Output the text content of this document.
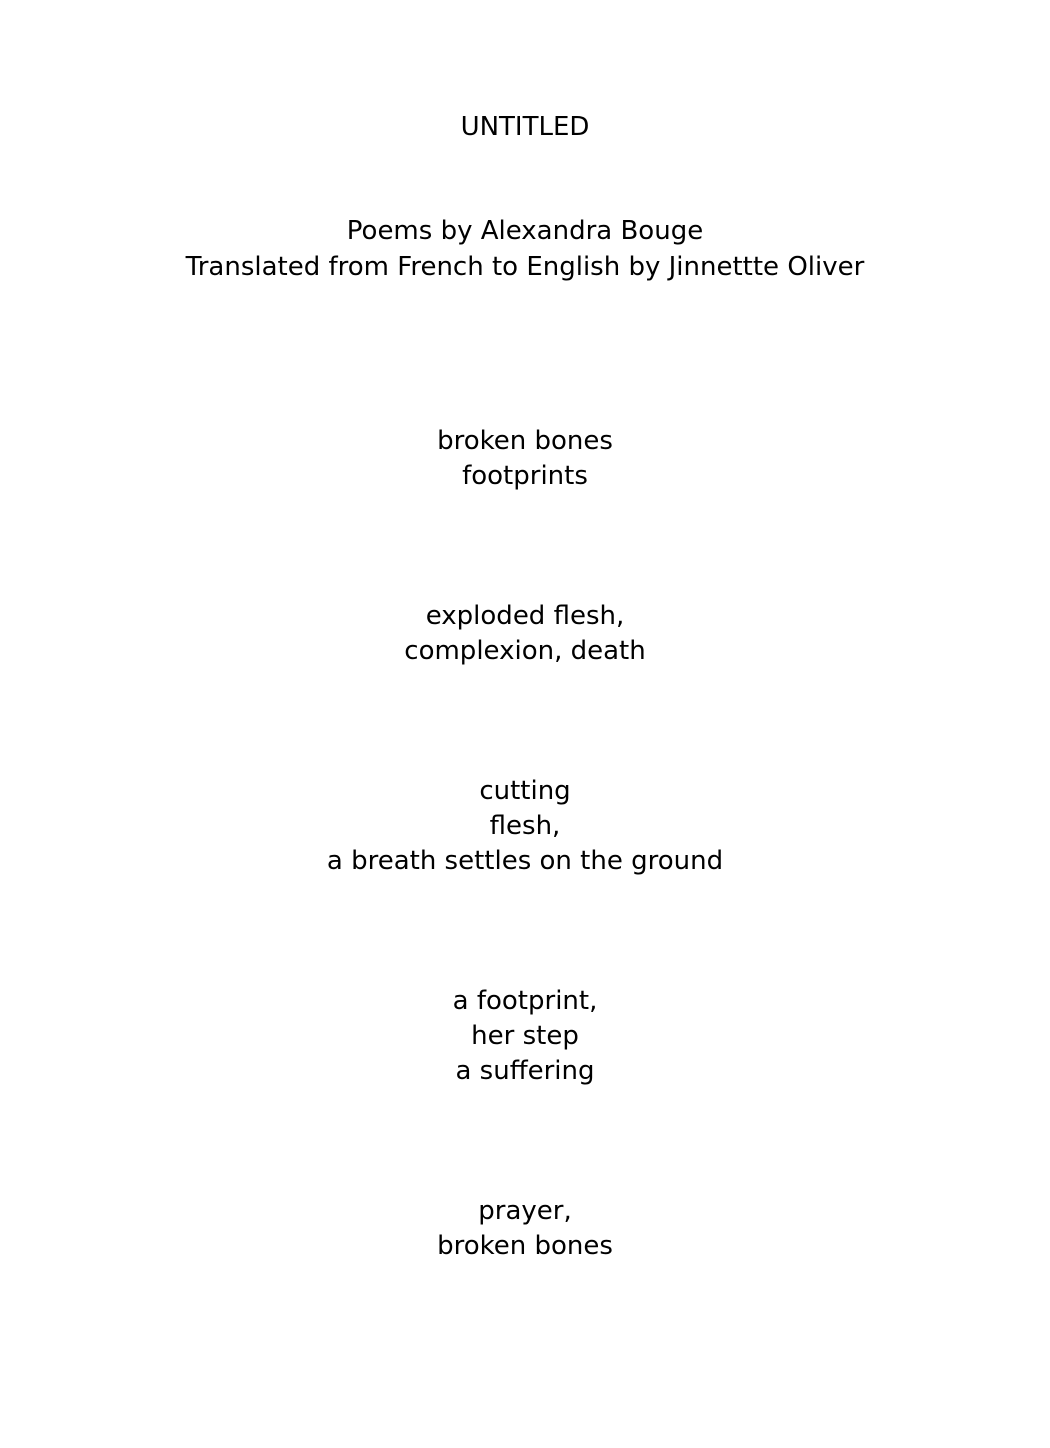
UNTITLED
Poems by Alexandra Bouge
Translated from French to English by Jinnettte Oliver
broken bones
footprints
exploded flesh,
complexion, death
cutting
flesh,
a breath settles on the ground
a footprint,
her step
a suffering
prayer,
broken bones
